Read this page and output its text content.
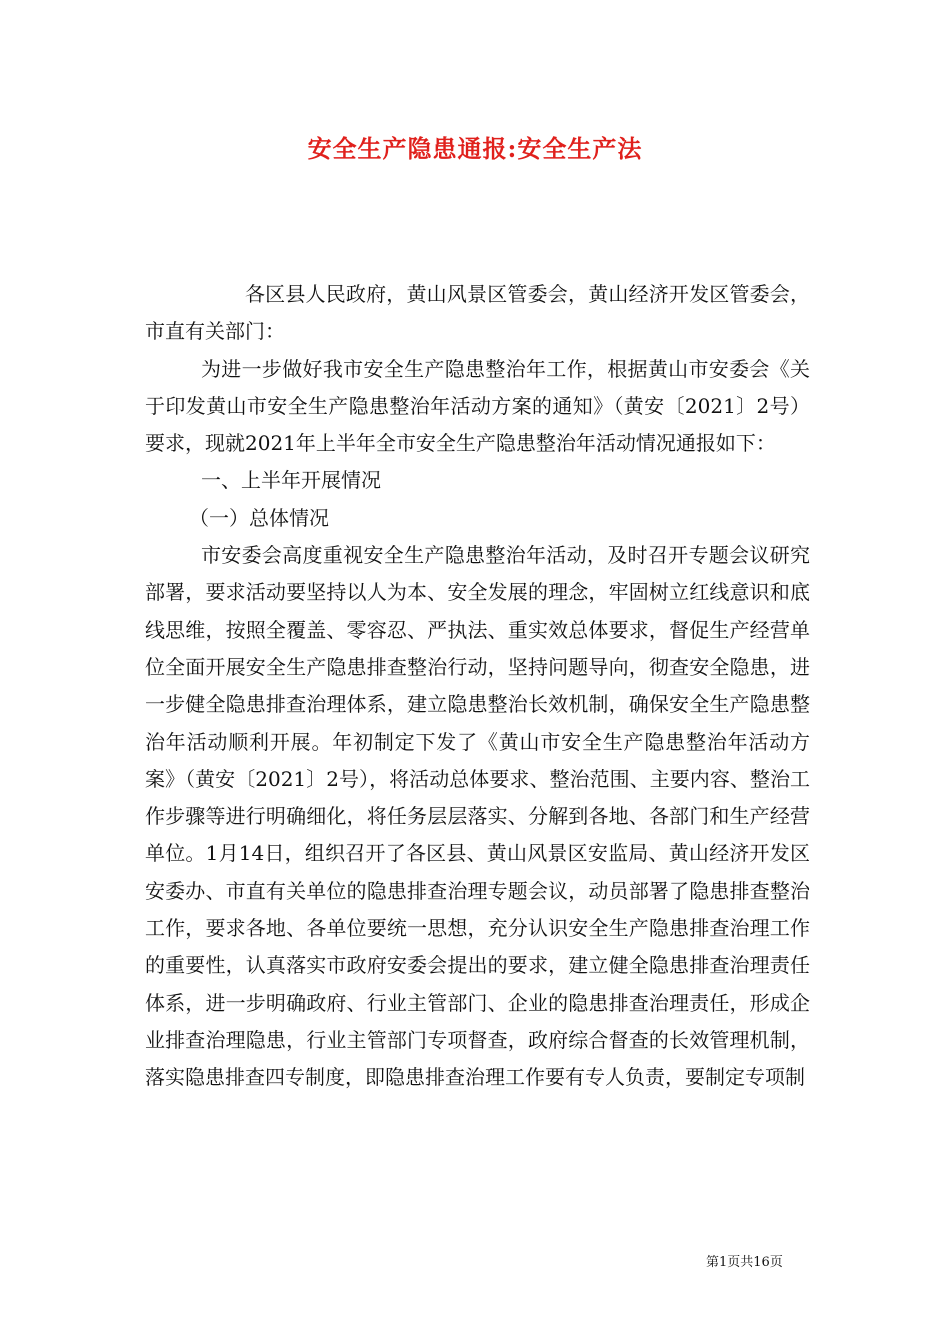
安全生产隐患通报:安全生产法

各区县人民政府，黄山风景区管委会，黄山经济开发区管委会，市直有关部门：

为进一步做好我市安全生产隐患整治年工作，根据黄山市安委会《关于印发黄山市安全生产隐患整治年活动方案的通知》（黄安〔2021〕2号）要求，现就2021年上半年全市安全生产隐患整治年活动情况通报如下：

一、上半年开展情况

（一）总体情况

市安委会高度重视安全生产隐患整治年活动，及时召开专题会议研究部署，要求活动要坚持以人为本、安全发展的理念，牢固树立红线意识和底线思维，按照全覆盖、零容忍、严执法、重实效总体要求，督促生产经营单位全面开展安全生产隐患排查整治行动，坚持问题导向，彻查安全隐患，进一步健全隐患排查治理体系，建立隐患整治长效机制，确保安全生产隐患整治年活动顺利开展。年初制定下发了《黄山市安全生产隐患整治年活动方案》（黄安〔2021〕2号），将活动总体要求、整治范围、主要内容、整治工作步骤等进行明确细化，将任务层层落实、分解到各地、各部门和生产经营单位。1月14日，组织召开了各区县、黄山风景区安监局、黄山经济开发区安委办、市直有关单位的隐患排查治理专题会议，动员部署了隐患排查整治工作，要求各地、各单位要统一思想，充分认识安全生产隐患排查治理工作的重要性，认真落实市政府安委会提出的要求，建立健全隐患排查治理责任体系，进一步明确政府、行业主管部门、企业的隐患排查治理责任，形成企业排查治理隐患，行业主管部门专项督查，政府综合督查的长效管理机制，落实隐患排查四专制度，即隐患排查治理工作要有专人负责，要制定专项制

第1页共16页
